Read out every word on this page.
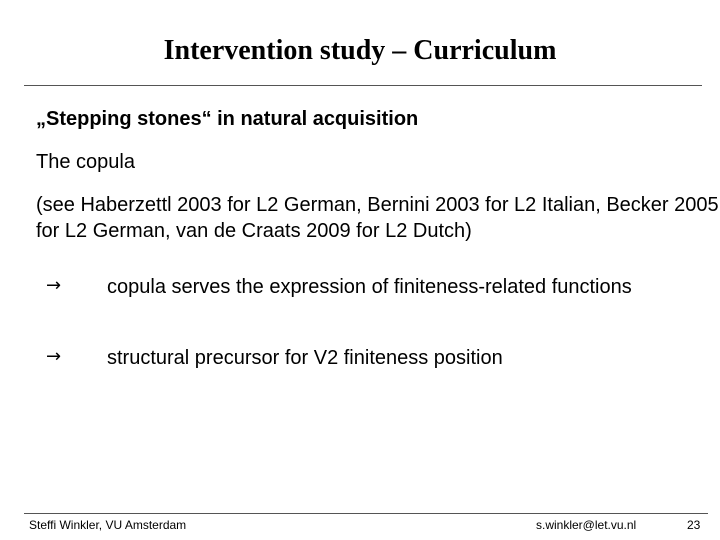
Intervention study – Curriculum
„Stepping stones“ in natural acquisition
The copula
(see Haberzettl 2003 for L2 German, Bernini 2003 for L2 Italian, Becker 2005 for L2 German, van de Craats 2009 for L2 Dutch)
→ copula serves the expression of finiteness-related functions
→ structural precursor for V2 finiteness position
Steffi Winkler, VU Amsterdam	s.winkler@let.vu.nl	23
